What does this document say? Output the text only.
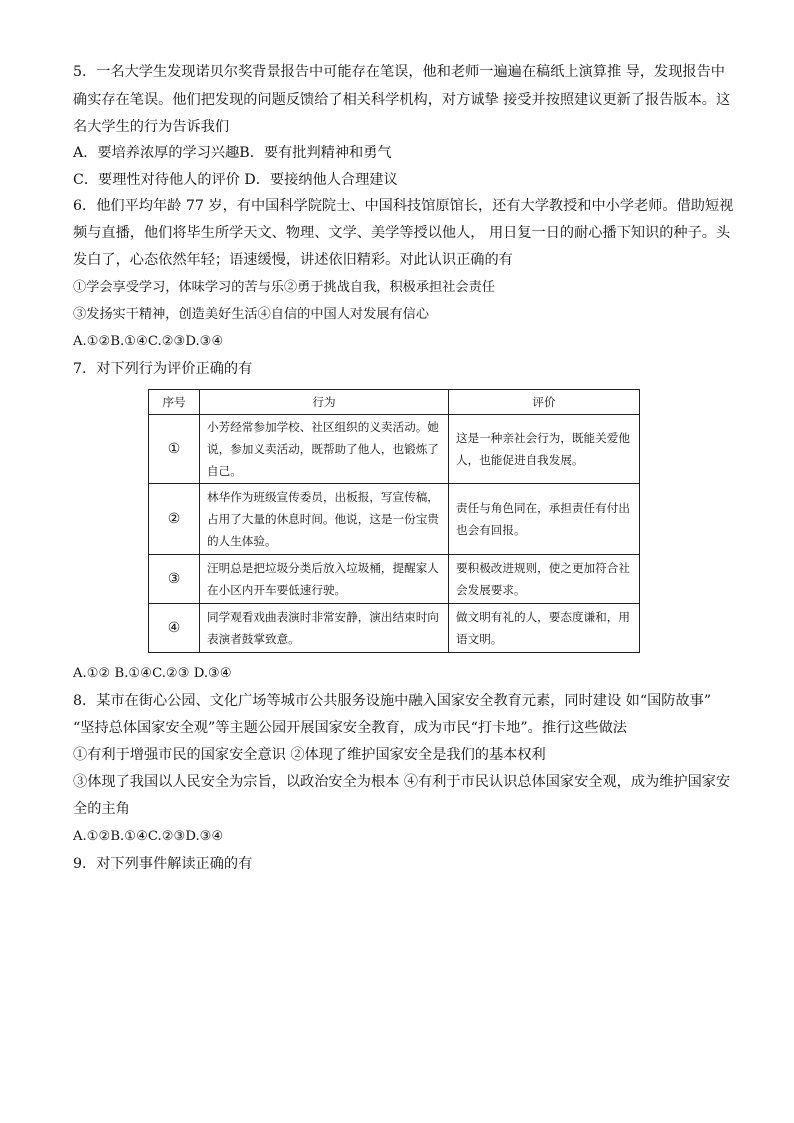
5．一名大学生发现诺贝尔奖背景报告中可能存在笔误，他和老师一遍遍在稿纸上演算推 导，发现报告中
确实存在笔误。他们把发现的问题反馈给了相关科学机构，对方诚挚 接受并按照建议更新了报告版本。这
名大学生的行为告诉我们
A．要培养浓厚的学习兴趣B．要有批判精神和勇气
C．要理性对待他人的评价 D．要接纳他人合理建议
6．他们平均年龄 77 岁，有中国科学院院士、中国科技馆原馆长，还有大学教授和中小学老师。借助短视
频与直播，他们将毕生所学天文、物理、文学、美学等授以他人， 用日复一日的耐心播下知识的种子。头
发白了，心态依然年轻；语速缓慢，讲述依旧精彩。对此认识正确的有
①学会享受学习，体味学习的苦与乐②勇于挑战自我，积极承担社会责任
③发扬实干精神，创造美好生活④自信的中国人对发展有信心
A.①②B.①④C.②③D.③④
7．对下列行为评价正确的有
序号	行为	评价
①	小芳经常参加学校、社区组织的义卖活动。她说，参加义卖活动，既帮助了他人，也锻炼了自己。	这是一种亲社会行为，既能关爱他人，也能促进自我发展。
②	林华作为班级宣传委员，出板报，写宣传稿，占用了大量的休息时间。他说，这是一份宝贵的人生体验。	责任与角色同在，承担责任有付出也会有回报。
③	汪明总是把垃圾分类后放入垃圾桶，提醒家人在小区内开车要低速行驶。	要积极改进规则，使之更加符合社会发展要求。
④	同学观看戏曲表演时非常安静，演出结束时向表演者鼓掌致意。	做文明有礼的人，要态度谦和，用语文明。
A.①② B.①④C.②③ D.③④
8．某市在街心公园、文化广场等城市公共服务设施中融入国家安全教育元素，同时建设 如“国防故事”
“坚持总体国家安全观”等主题公园开展国家安全教育，成为市民“打卡地”。推行这些做法
①有利于增强市民的国家安全意识 ②体现了维护国家安全是我们的基本权利
③体现了我国以人民安全为宗旨，以政治安全为根本 ④有利于市民认识总体国家安全观，成为维护国家安
全的主角
A.①②B.①④C.②③D.③④
9．对下列事件解读正确的有
